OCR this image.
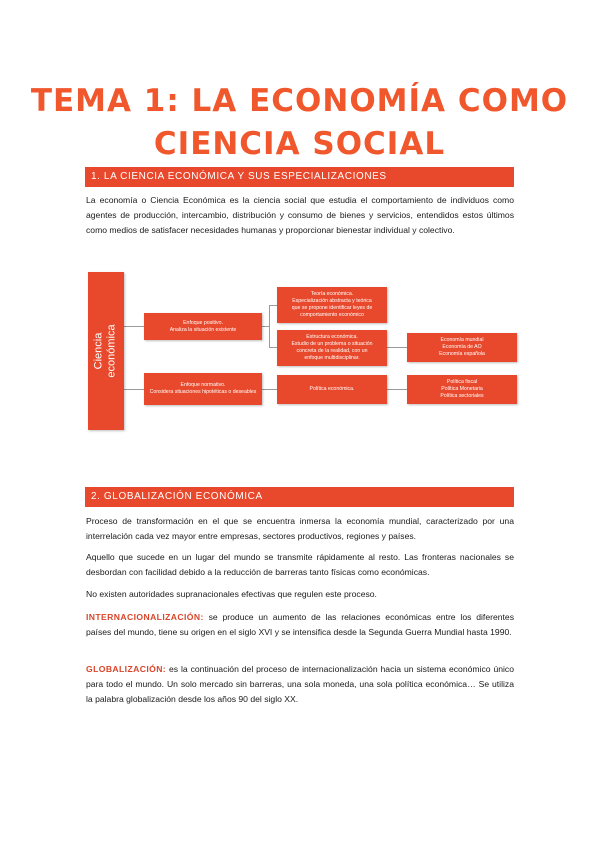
TEMA 1: LA ECONOMÍA COMO
CIENCIA SOCIAL
1. LA CIENCIA ECONÓMICA Y SUS ESPECIALIZACIONES

La economía o Ciencia Económica es la ciencia social que estudia el comportamiento de individuos como agentes de producción, intercambio, distribución y consumo de bienes y servicios, entendidos estos últimos como medios de satisfacer necesidades humanas y proporcionar bienestar individual y colectivo.

Ciencia económica
Enfoque positivo.
Analiza la situación existente
Enfoque normativo.
Considera situaciones hipotéticas o deseables
Teoría económica.
Especialización abstracta y teórica
que se propone identificar leyes de
comportamiento económico
Estructura económica.
Estudio de un problema o situación
concreta de la realidad, con un
enfoque multidisciplinar.
Política económica.
Economía mundial
Economía de AO
Economía española
Política fiscal
Política Monetaria
Política sectoriales
2. GLOBALIZACIÓN ECONÓMICA

Proceso de transformación en el que se encuentra inmersa la economía mundial, caracterizado por una interrelación cada vez mayor entre empresas, sectores productivos, regiones y países.

Aquello que sucede en un lugar del mundo se transmite rápidamente al resto. Las fronteras nacionales se desbordan con facilidad debido a la reducción de barreras tanto físicas como económicas.

No existen autoridades supranacionales efectivas que regulen este proceso.

INTERNACIONALIZACIÓN: se produce un aumento de las relaciones económicas entre los diferentes países del mundo, tiene su origen en el siglo XVI y se intensifica desde la Segunda Guerra Mundial hasta 1990.

GLOBALIZACIÓN: es la continuación del proceso de internacionalización hacia un sistema económico único para todo el mundo. Un solo mercado sin barreras, una sola moneda, una sola política económica… Se utiliza la palabra globalización desde los años 90 del siglo XX.
